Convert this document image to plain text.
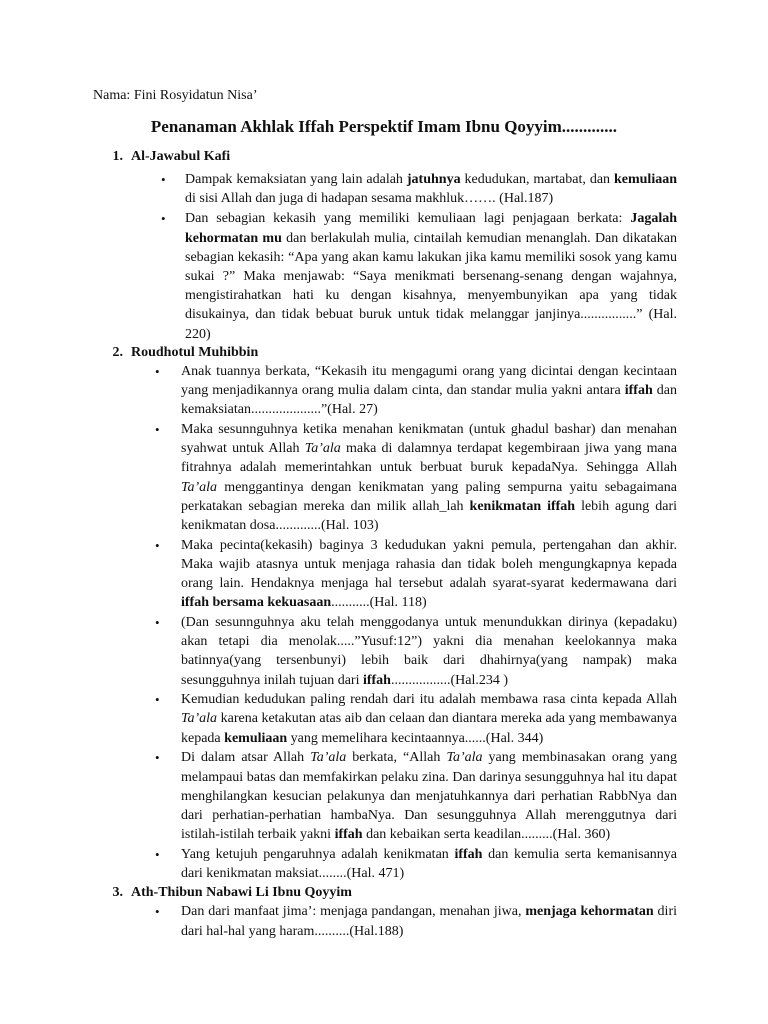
Nama: Fini Rosyidatun Nisa’
Penanaman Akhlak Iffah Perspektif Imam Ibnu Qoyyim.............
1. Al-Jawabul Kafi
• Dampak kemaksiatan yang lain adalah jatuhnya kedudukan, martabat, dan kemuliaan di sisi Allah dan juga di hadapan sesama makhluk……. (Hal.187)
• Dan sebagian kekasih yang memiliki kemuliaan lagi penjagaan berkata: Jagalah kehormatan mu dan berlakulah mulia, cintailah kemudian menanglah. Dan dikatakan sebagian kekasih: “Apa yang akan kamu lakukan jika kamu memiliki sosok yang kamu sukai ?” Maka menjawab: “Saya menikmati bersenang-senang dengan wajahnya, mengistirahatkan hati ku dengan kisahnya, menyembunyikan apa yang tidak disukainya, dan tidak bebuat buruk untuk tidak melanggar janjinya................” (Hal. 220)
2. Roudhotul Muhibbin
• Anak tuannya berkata, “Kekasih itu mengagumi orang yang dicintai dengan kecintaan yang menjadikannya orang mulia dalam cinta, dan standar mulia yakni antara iffah dan kemaksiatan....................”(Hal. 27)
• Maka sesunnguhnya ketika menahan kenikmatan (untuk ghadul bashar) dan menahan syahwat untuk Allah Ta’ala maka di dalamnya terdapat kegembiraan jiwa yang mana fitrahnya adalah memerintahkan untuk berbuat buruk kepadaNya. Sehingga Allah Ta’ala menggantinya dengan kenikmatan yang paling sempurna yaitu sebagaimana perkatakan sebagian mereka dan milik allah_lah kenikmatan iffah lebih agung dari kenikmatan dosa.............(Hal. 103)
• Maka pecinta(kekasih) baginya 3 kedudukan yakni pemula, pertengahan dan akhir. Maka wajib atasnya untuk menjaga rahasia dan tidak boleh mengungkapnya kepada orang lain. Hendaknya menjaga hal tersebut adalah syarat-syarat kedermawana dari iffah bersama kekuasaan...........(Hal. 118)
• (Dan sesunnguhnya aku telah menggodanya untuk menundukkan dirinya (kepadaku) akan tetapi dia menolak.....”Yusuf:12”) yakni dia menahan keelokannya maka batinnya(yang tersenbunyi) lebih baik dari dhahirnya(yang nampak) maka sesungguhnya inilah tujuan dari iffah.................(Hal.234 )
• Kemudian kedudukan paling rendah dari itu adalah membawa rasa cinta kepada Allah Ta’ala karena ketakutan atas aib dan celaan dan diantara mereka ada yang membawanya kepada kemuliaan yang memelihara kecintaannya......(Hal. 344)
• Di dalam atsar Allah Ta’ala berkata, “Allah Ta’ala yang membinasakan orang yang melampaui batas dan memfakirkan pelaku zina. Dan darinya sesungguhnya hal itu dapat menghilangkan kesucian pelakunya dan menjatuhkannya dari perhatian RabbNya dan dari perhatian-perhatian hambaNya. Dan sesungguhnya Allah merenggutnya dari istilah-istilah terbaik yakni iffah dan kebaikan serta keadilan.........(Hal. 360)
• Yang ketujuh pengaruhnya adalah kenikmatan iffah dan kemulia serta kemanisannya dari kenikmatan maksiat........(Hal. 471)
3. Ath-Thibun Nabawi Li Ibnu Qoyyim
• Dan dari manfaat jima’: menjaga pandangan, menahan jiwa, menjaga kehormatan diri dari hal-hal yang haram..........(Hal.188)
